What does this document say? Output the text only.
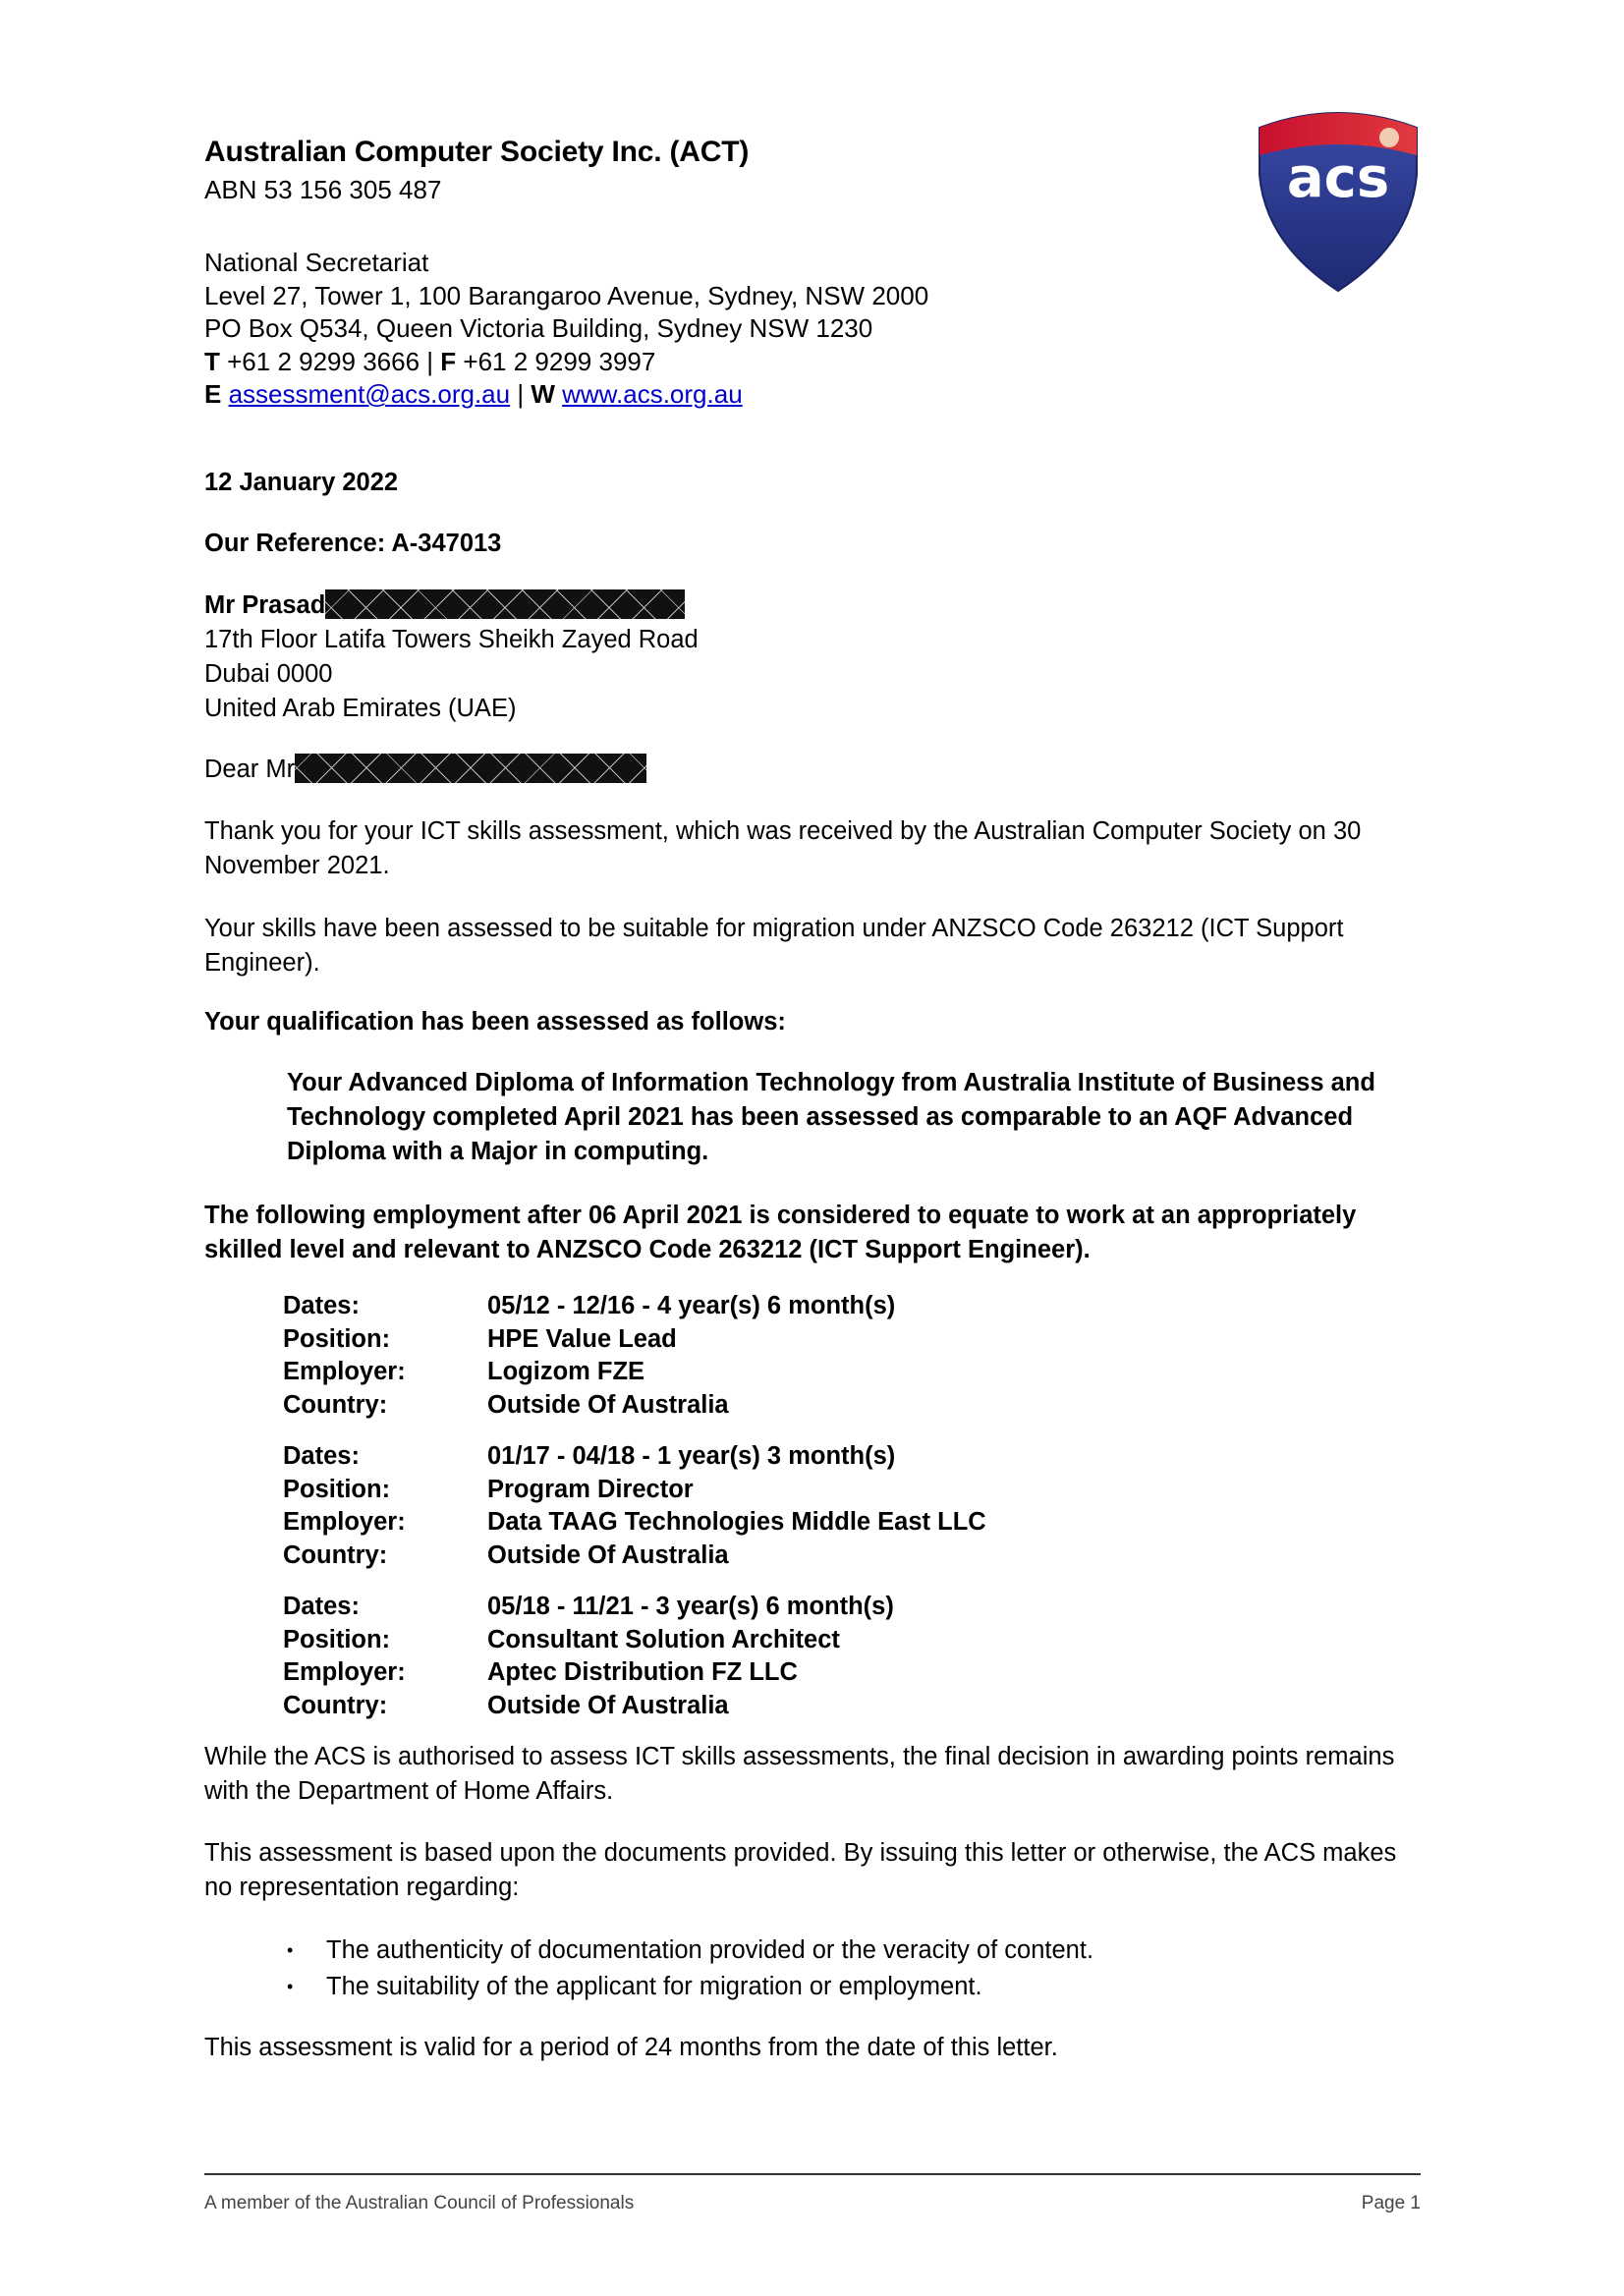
Australian Computer Society Inc. (ACT)
ABN 53 156 305 487
National Secretariat
Level 27, Tower 1, 100 Barangaroo Avenue, Sydney, NSW 2000
PO Box Q534, Queen Victoria Building, Sydney NSW 1230
T +61 2 9299 3666 | F +61 2 9299 3997
E assessment@acs.org.au | W www.acs.org.au
12 January 2022
Our Reference: A-347013
Mr Prasad
17th Floor Latifa Towers Sheikh Zayed Road
Dubai 0000
United Arab Emirates (UAE)
Dear Mr
Thank you for your ICT skills assessment, which was received by the Australian Computer Society on 30 November 2021.
Your skills have been assessed to be suitable for migration under ANZSCO Code 263212 (ICT Support Engineer).
Your qualification has been assessed as follows:
Your Advanced Diploma of Information Technology from Australia Institute of Business and Technology completed April 2021 has been assessed as comparable to an AQF Advanced Diploma with a Major in computing.
The following employment after 06 April 2021 is considered to equate to work at an appropriately skilled level and relevant to ANZSCO Code 263212 (ICT Support Engineer).
Dates:	05/12 - 12/16 - 4 year(s) 6 month(s)
Position:	HPE Value Lead
Employer:	Logizom FZE
Country:	Outside Of Australia
Dates:	01/17 - 04/18 - 1 year(s) 3 month(s)
Position:	Program Director
Employer:	Data TAAG Technologies Middle East LLC
Country:	Outside Of Australia
Dates:	05/18 - 11/21 - 3 year(s) 6 month(s)
Position:	Consultant Solution Architect
Employer:	Aptec Distribution FZ LLC
Country:	Outside Of Australia
While the ACS is authorised to assess ICT skills assessments, the final decision in awarding points remains with the Department of Home Affairs.
This assessment is based upon the documents provided. By issuing this letter or otherwise, the ACS makes no representation regarding:
• The authenticity of documentation provided or the veracity of content.
• The suitability of the applicant for migration or employment.
This assessment is valid for a period of 24 months from the date of this letter.
acs
A member of the Australian Council of Professionals	Page 1
